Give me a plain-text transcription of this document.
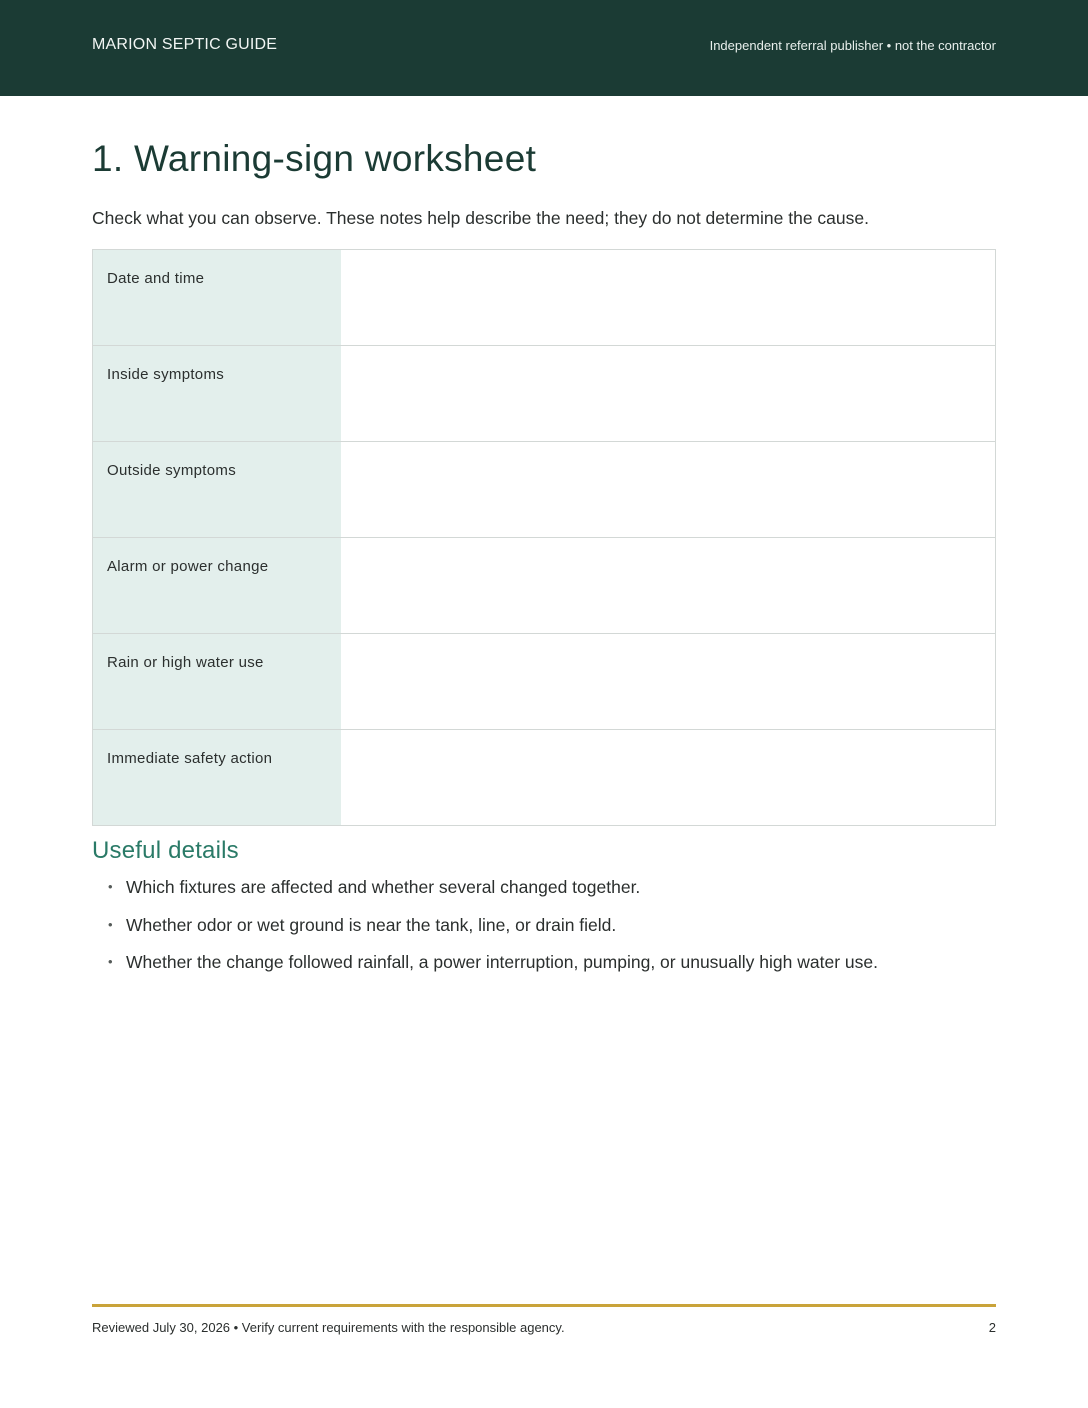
MARION SEPTIC GUIDE	Independent referral publisher • not the contractor
1. Warning-sign worksheet

Check what you can observe. These notes help describe the need; they do not determine the cause.

Date and time	
Inside symptoms	
Outside symptoms	
Alarm or power change	
Rain or high water use	
Immediate safety action	
Useful details
• Which fixtures are affected and whether several changed together.
• Whether odor or wet ground is near the tank, line, or drain field.
• Whether the change followed rainfall, a power interruption, pumping, or unusually high water use.
Reviewed July 30, 2026 • Verify current requirements with the responsible agency.	2
